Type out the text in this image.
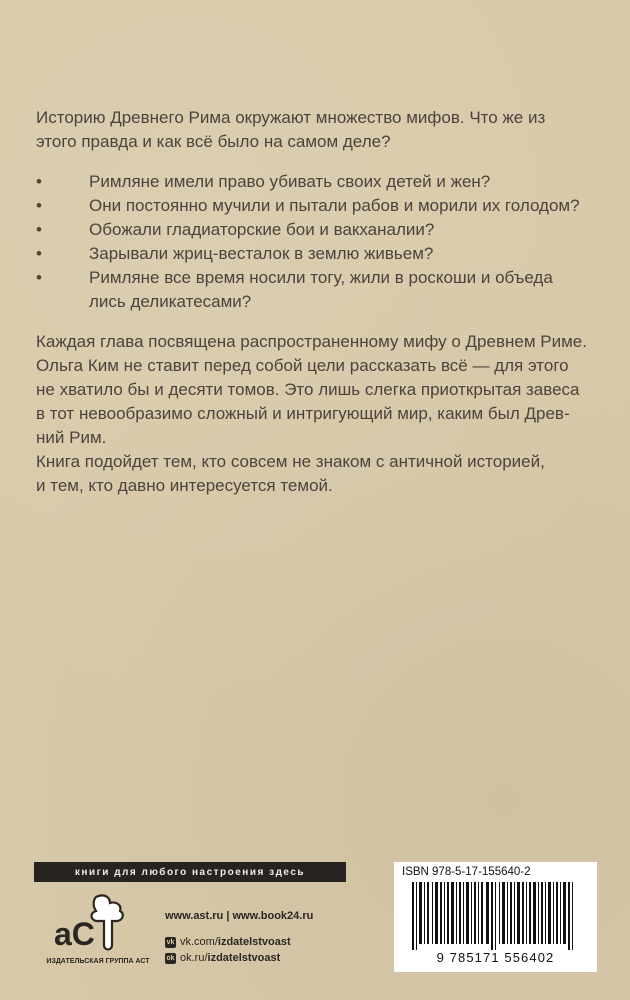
Историю Древнего Рима окружают множество мифов. Что же из

этого правда и как всё было на самом деле?

•	Римляне имели право убивать своих детей и жен?
•	Они постоянно мучили и пытали рабов и морили их голодом?
•	Обожали гладиаторские бои и вакханалии?
•	Зарывали жриц-весталок в землю живьем?
•	Римляне все время носили тогу, жили в роскоши и объеда
лись деликатесами?

Каждая глава посвящена распространенному мифу о Древнем Риме.

Ольга Ким не ставит перед собой цели рассказать всё — для этого

не хватило бы и десяти томов. Это лишь слегка приоткрытая завеса

в тот невообразимо сложный и интригующий мир, каким был Древ-

ний Рим.

Книга подойдет тем, кто совсем не знаком с античной историей,

и тем, кто давно интересуется темой.

книги для любого настроения здесь
aC
ИЗДАТЕЛЬСКАЯ ГРУППА АСТ
www.ast.ru | www.book24.ru
vk vk.com/ izdatelstvoast
ok ok.ru/ izdatelstvoast
ISBN 978-5-17-155640-2
9 785171 556402
